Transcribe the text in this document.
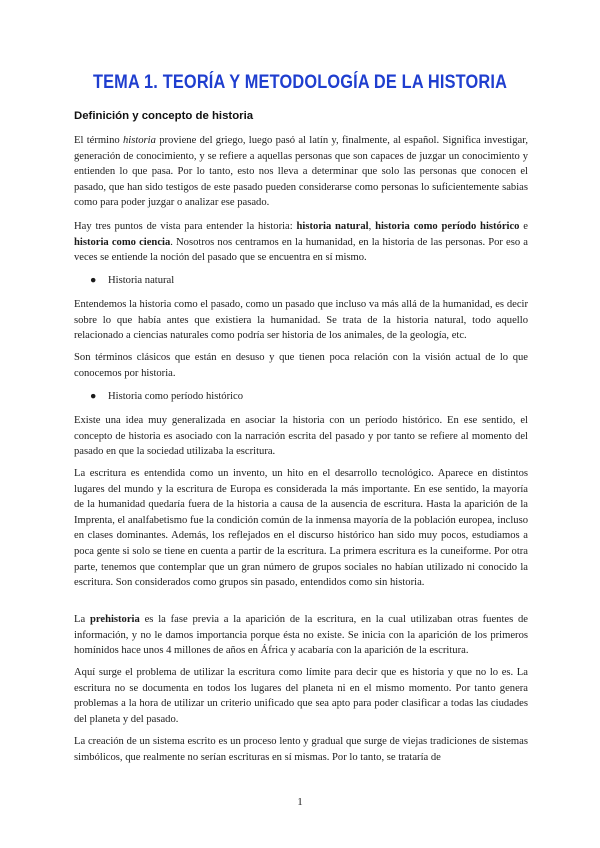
TEMA 1. TEORÍA Y METODOLOGÍA DE LA HISTORIA
Definición y concepto de historia

El término historia proviene del griego, luego pasó al latín y, finalmente, al español. Significa investigar, generación de conocimiento, y se refiere a aquellas personas que son capaces de juzgar un conocimiento y entienden lo que pasa. Por lo tanto, esto nos lleva a determinar que solo las personas que conocen el pasado, que han sido testigos de este pasado pueden considerarse como personas lo suficientemente sabias como para poder juzgar o analizar ese pasado.

Hay tres puntos de vista para entender la historia: historia natural, historia como período histórico e historia como ciencia. Nosotros nos centramos en la humanidad, en la historia de las personas. Por eso a veces se entiende la noción del pasado que se encuentra en sí mismo.

● Historia natural

Entendemos la historia como el pasado, como un pasado que incluso va más allá de la humanidad, es decir sobre lo que había antes que existiera la humanidad. Se trata de la historia natural, todo aquello relacionado a ciencias naturales como podría ser historia de los animales, de la geología, etc.

Son términos clásicos que están en desuso y que tienen poca relación con la visión actual de lo que conocemos por historia.

● Historia como período histórico

Existe una idea muy generalizada en asociar la historia con un período histórico. En ese sentido, el concepto de historia es asociado con la narración escrita del pasado y por tanto se refiere al momento del pasado en que la sociedad utilizaba la escritura.

La escritura es entendida como un invento, un hito en el desarrollo tecnológico. Aparece en distintos lugares del mundo y la escritura de Europa es considerada la más importante. En ese sentido, la mayoría de la humanidad quedaría fuera de la historia a causa de la ausencia de escritura. Hasta la aparición de la Imprenta, el analfabetismo fue la condición común de la inmensa mayoría de la población europea, incluso en clases dominantes. Además, los reflejados en el discurso histórico han sido muy pocos, estudiamos a poca gente si solo se tiene en cuenta a partir de la escritura. La primera escritura es la cuneiforme. Por otra parte, tenemos que contemplar que un gran número de grupos sociales no habían utilizado ni conocido la escritura. Son considerados como grupos sin pasado, entendidos como sin historia.

La prehistoria es la fase previa a la aparición de la escritura, en la cual utilizaban otras fuentes de información, y no le damos importancia porque ésta no existe. Se inicia con la aparición de los primeros homínidos hace unos 4 millones de años en África y acabaría con la aparición de la escritura.

Aquí surge el problema de utilizar la escritura como límite para decir que es historia y que no lo es. La escritura no se documenta en todos los lugares del planeta ni en el mismo momento. Por tanto genera problemas a la hora de utilizar un criterio unificado que sea apto para poder clasificar a todas las ciudades del planeta y del pasado.

La creación de un sistema escrito es un proceso lento y gradual que surge de viejas tradiciones de sistemas simbólicos, que realmente no serían escrituras en sí mismas. Por lo tanto, se trataría de

1
